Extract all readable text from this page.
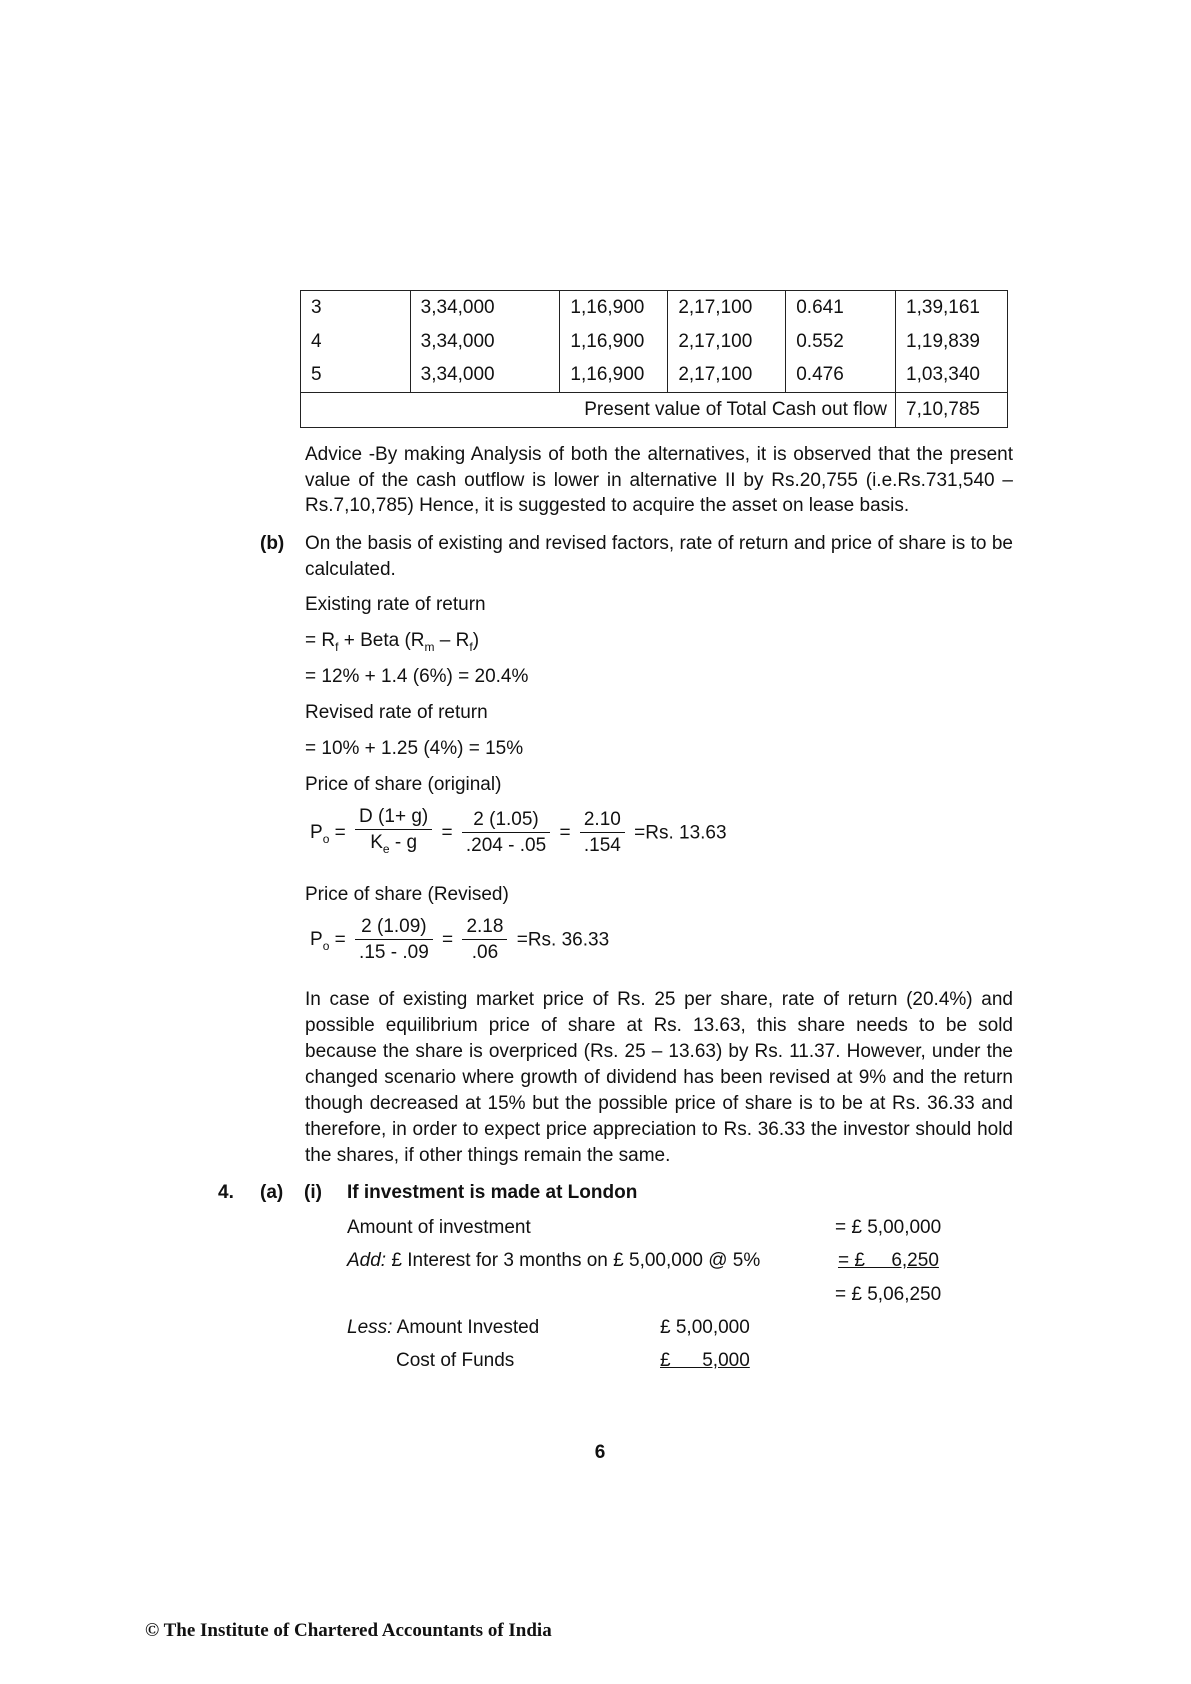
3	3,34,000	1,16,900	2,17,100	0.641	1,39,161
4	3,34,000	1,16,900	2,17,100	0.552	1,19,839
5	3,34,000	1,16,900	2,17,100	0.476	1,03,340
Present value of Total Cash out flow					7,10,785
Advice -By making Analysis of both the alternatives, it is observed that the present value of the cash outflow is lower in alternative II by Rs.20,755 (i.e.Rs.731,540 – Rs.7,10,785) Hence, it is suggested to acquire the asset on lease basis.
(b) On the basis of existing and revised factors, rate of return and price of share is to be calculated.
Existing rate of return
= $R_f$ + Beta $(R_m - R_f)$
= 12% + 1.4 (6%) = 20.4%
Revised rate of return
= 10% + 1.25 (4%) = 15%
Price of share (original)
$P_o = \frac{D (1+ g)}{K_e - g} = \frac{2 (1.05)}{.204 - .05} = \frac{2.10}{.154} =Rs$. 13.63
Price of share (Revised)
$P_o = \frac{2 (1.09)}{.15 - .09} = \frac{2.18}{.06} =Rs$. 36.33
In case of existing market price of Rs. 25 per share, rate of return (20.4%) and possible equilibrium price of share at Rs. 13.63, this share needs to be sold because the share is overpriced (Rs. 25 – 13.63) by Rs. 11.37. However, under the changed scenario where growth of dividend has been revised at 9% and the return though decreased at 15% but the possible price of share is to be at Rs. 36.33 and therefore, in order to expect price appreciation to Rs. 36.33 the investor should hold the shares, if other things remain the same.
4. (a) (i) If investment is made at London
Amount of investment	= £ 5,00,000
Add: £ Interest for 3 months on £ 5,00,000 @ 5%	= £     6,250
= £ 5,06,250
Less: Amount Invested	£ 5,00,000
Cost of Funds	£      5,000
6
© The Institute of Chartered Accountants of India
